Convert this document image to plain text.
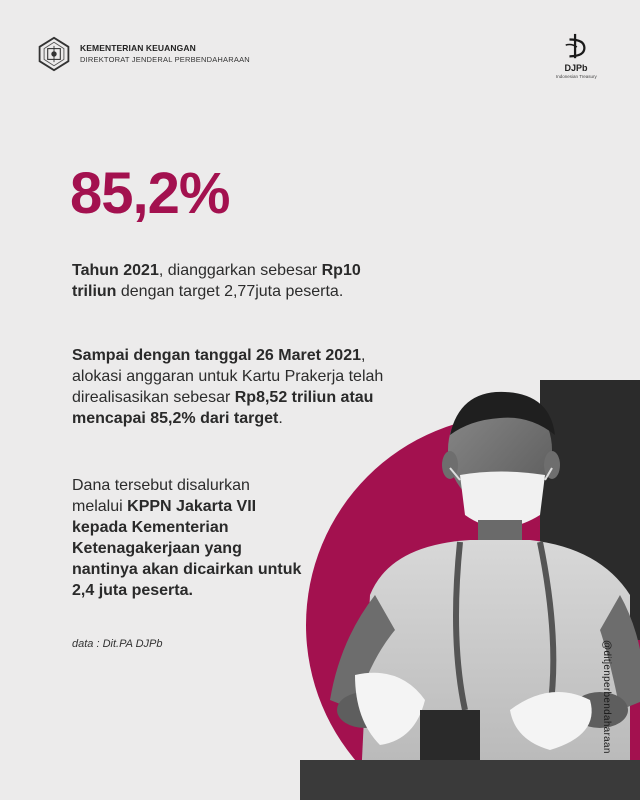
KEMENTERIAN KEUANGAN
DIREKTORAT JENDERAL PERBENDAHARAAN
DJPb
Indonesian Treasury
85,2%
Tahun 2021, dianggarkan sebesar Rp10 triliun dengan target 2,77juta peserta.
Sampai dengan tanggal 26 Maret 2021, alokasi anggaran untuk Kartu Prakerja telah direalisasikan sebesar Rp8,52 triliun atau mencapai 85,2% dari target.
Dana tersebut disalurkan melalui KPPN Jakarta VII kepada Kementerian Ketenagakerjaan yang nantinya akan dicairkan untuk 2,4 juta peserta.
data : Dit.PA DJPb	@ditjenperbendaharaan
